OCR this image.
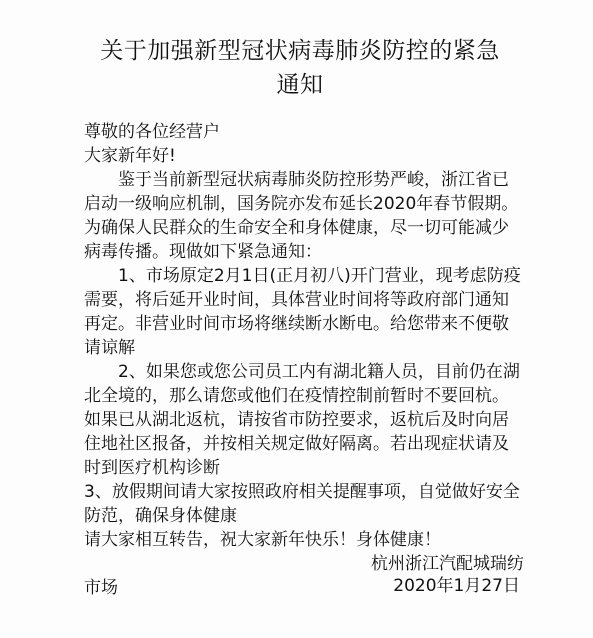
关于加强新型冠状病毒肺炎防控的紧急
通知

尊敬的各位经营户

大家新年好!

鉴于当前新型冠状病毒肺炎防控形势严峻，浙江省已启动一级响应机制，国务院亦发布延长2020年春节假期。为确保人民群众的生命安全和身体健康，尽一切可能减少病毒传播。现做如下紧急通知：

1、市场原定2月1日(正月初八)开门营业，现考虑防疫需要，将后延开业时间，具体营业时间将等政府部门通知再定。非营业时间市场将继续断水断电。给您带来不便敬请谅解

2、如果您或您公司员工内有湖北籍人员，目前仍在湖北全境的，那么请您或他们在疫情控制前暂时不要回杭。如果已从湖北返杭，请按省市防控要求，返杭后及时向居住地社区报备，并按相关规定做好隔离。若出现症状请及时到医疗机构诊断

3、放假期间请大家按照政府相关提醒事项，自觉做好安全防范，确保身体健康

请大家相互转告，祝大家新年快乐！身体健康！

杭州浙江汽配城瑞纺

市场	2020年1月27日
